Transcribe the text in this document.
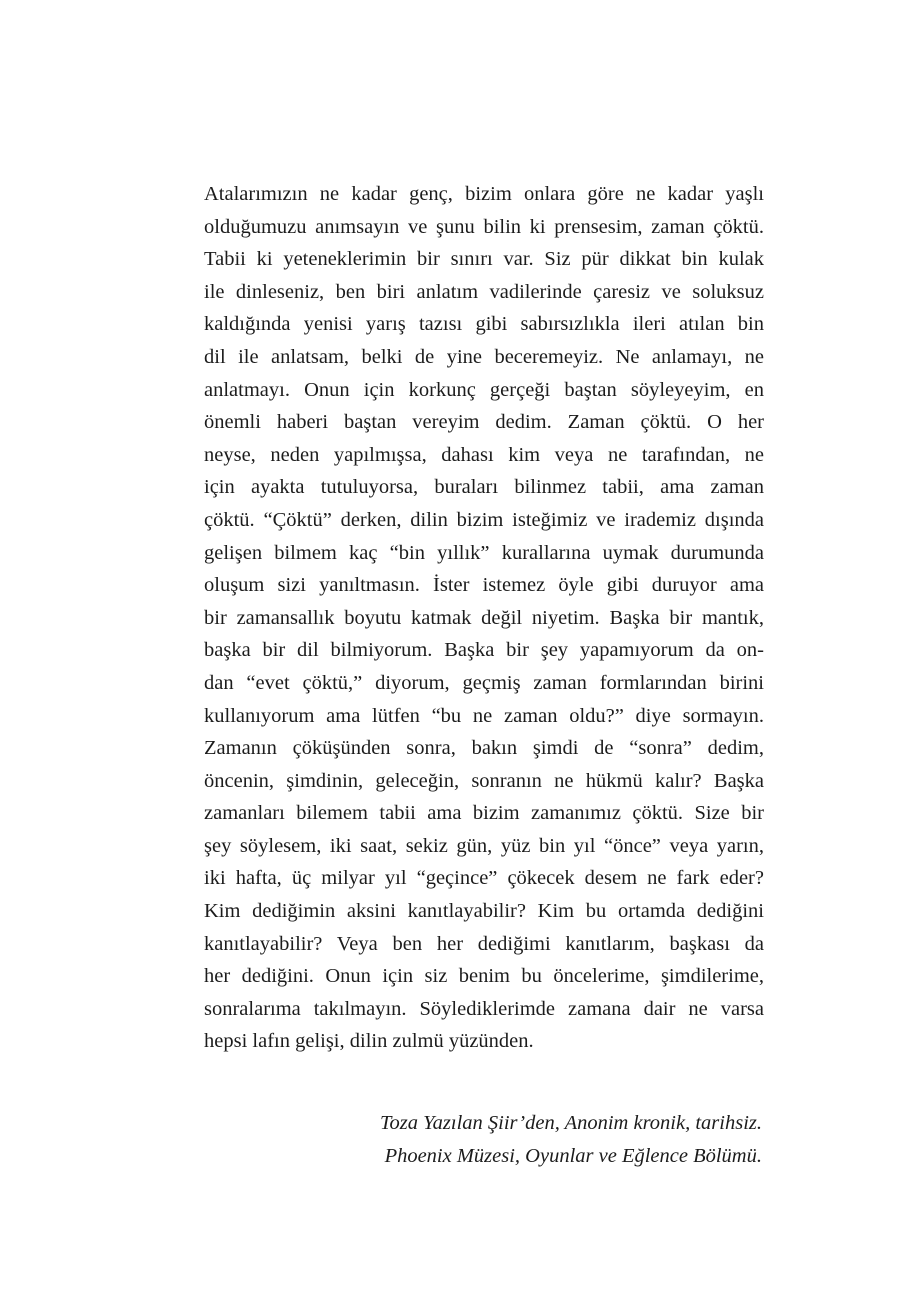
Atalarımızın ne kadar genç, bizim onlara göre ne kadar yaşlı
olduğumuzu anımsayın ve şunu bilin ki prensesim, zaman çöktü.
Tabii ki yeteneklerimin bir sınırı var. Siz pür dikkat bin kulak
ile dinleseniz, ben biri anlatım vadilerinde çaresiz ve soluksuz
kaldığında yenisi yarış tazısı gibi sabırsızlıkla ileri atılan bin
dil ile anlatsam, belki de yine beceremeyiz. Ne anlamayı, ne
anlatmayı. Onun için korkunç gerçeği baştan söyleyeyim, en
önemli haberi baştan vereyim dedim. Zaman çöktü. O her
neyse, neden yapılmışsa, dahası kim veya ne tarafından, ne
için ayakta tutuluyorsa, buraları bilinmez tabii, ama zaman
çöktü. “Çöktü” derken, dilin bizim isteğimiz ve irademiz dışında
gelişen bilmem kaç “bin yıllık” kurallarına uymak durumunda
oluşum sizi yanıltmasın. İster istemez öyle gibi duruyor ama
bir zamansallık boyutu katmak değil niyetim. Başka bir mantık,
başka bir dil bilmiyorum. Başka bir şey yapamıyorum da on-
dan “evet çöktü,” diyorum, geçmiş zaman formlarından birini
kullanıyorum ama lütfen “bu ne zaman oldu?” diye sormayın.
Zamanın çöküşünden sonra, bakın şimdi de “sonra” dedim,
öncenin, şimdinin, geleceğin, sonranın ne hükmü kalır? Başka
zamanları bilemem tabii ama bizim zamanımız çöktü. Size bir
şey söylesem, iki saat, sekiz gün, yüz bin yıl “önce” veya yarın,
iki hafta, üç milyar yıl “geçince” çökecek desem ne fark eder?
Kim dediğimin aksini kanıtlayabilir? Kim bu ortamda dediğini
kanıtlayabilir? Veya ben her dediğimi kanıtlarım, başkası da
her dediğini. Onun için siz benim bu öncelerime, şimdilerime,
sonralarıma takılmayın. Söylediklerimde zamana dair ne varsa
hepsi lafın gelişi, dilin zulmü yüzünden.

Toza Yazılan Şiir’den, Anonim kronik, tarihsiz.
Phoenix Müzesi, Oyunlar ve Eğlence Bölümü.
